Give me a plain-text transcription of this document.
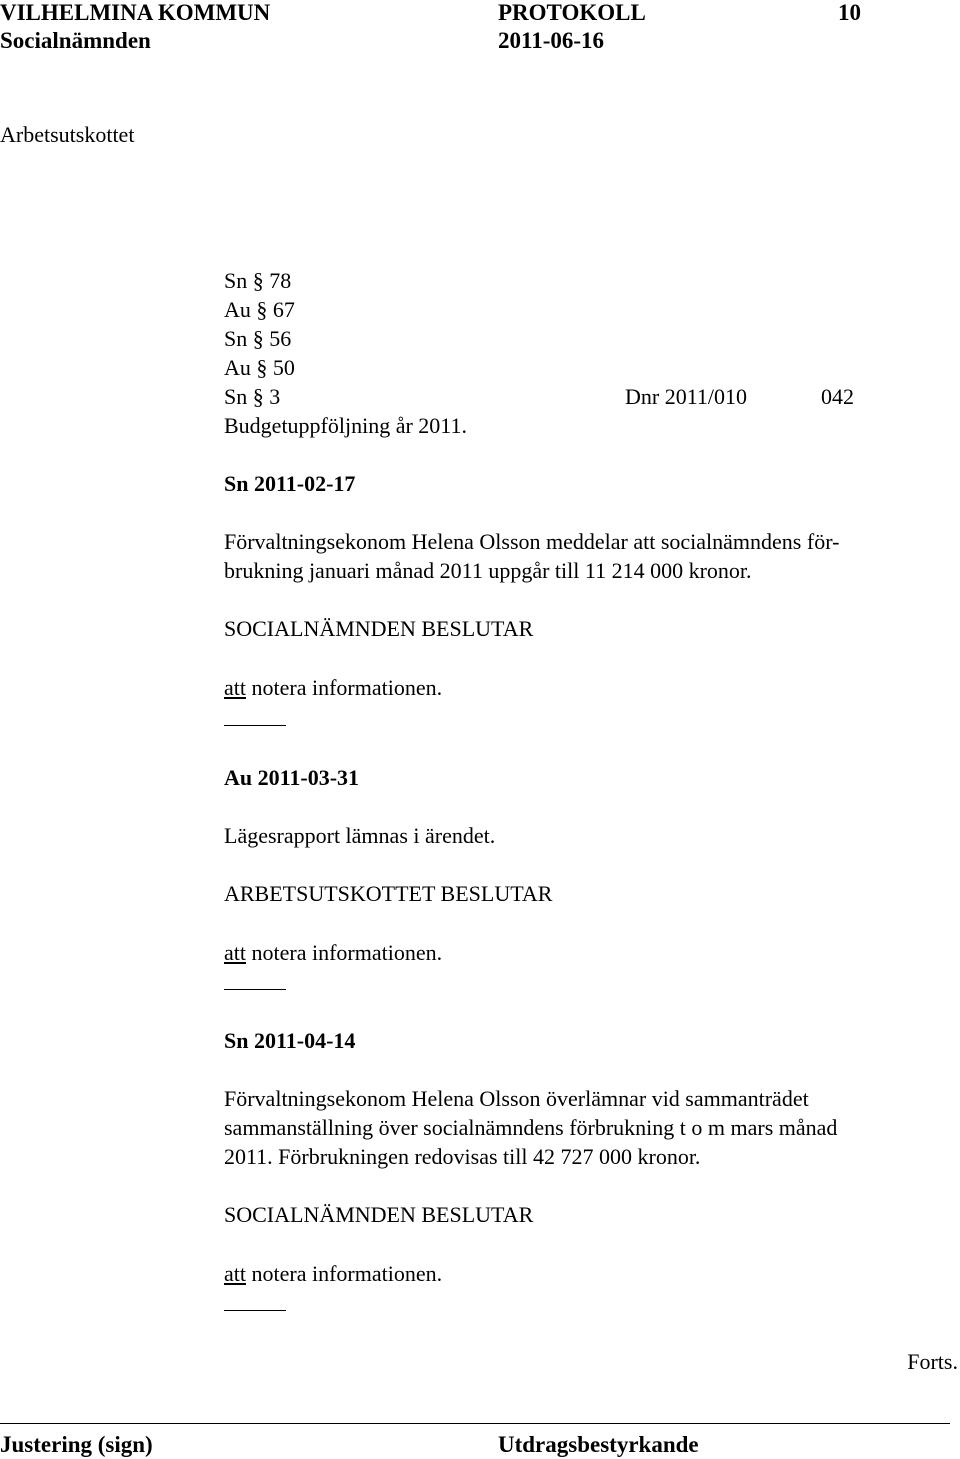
VILHELMINA KOMMUN	PROTOKOLL	10
Socialnämnden	2011-06-16
Arbetsutskottet
Sn § 78
Au § 67
Sn § 56
Au § 50
Sn § 3	Dnr 2011/010	042
Budgetuppföljning år 2011.
Sn 2011-02-17
Förvaltningsekonom Helena Olsson meddelar att socialnämndens för-
brukning januari månad 2011 uppgår till 11 214 000 kronor.
SOCIALNÄMNDEN BESLUTAR
att notera informationen.
Au 2011-03-31
Lägesrapport lämnas i ärendet.
ARBETSUTSKOTTET BESLUTAR
att notera informationen.
Sn 2011-04-14
Förvaltningsekonom Helena Olsson överlämnar vid sammanträdet
sammanställning över socialnämndens förbrukning t o m mars månad
2011. Förbrukningen redovisas till 42 727 000 kronor.
SOCIALNÄMNDEN BESLUTAR
att notera informationen.
Forts.
Justering (sign)	Utdragsbestyrkande
